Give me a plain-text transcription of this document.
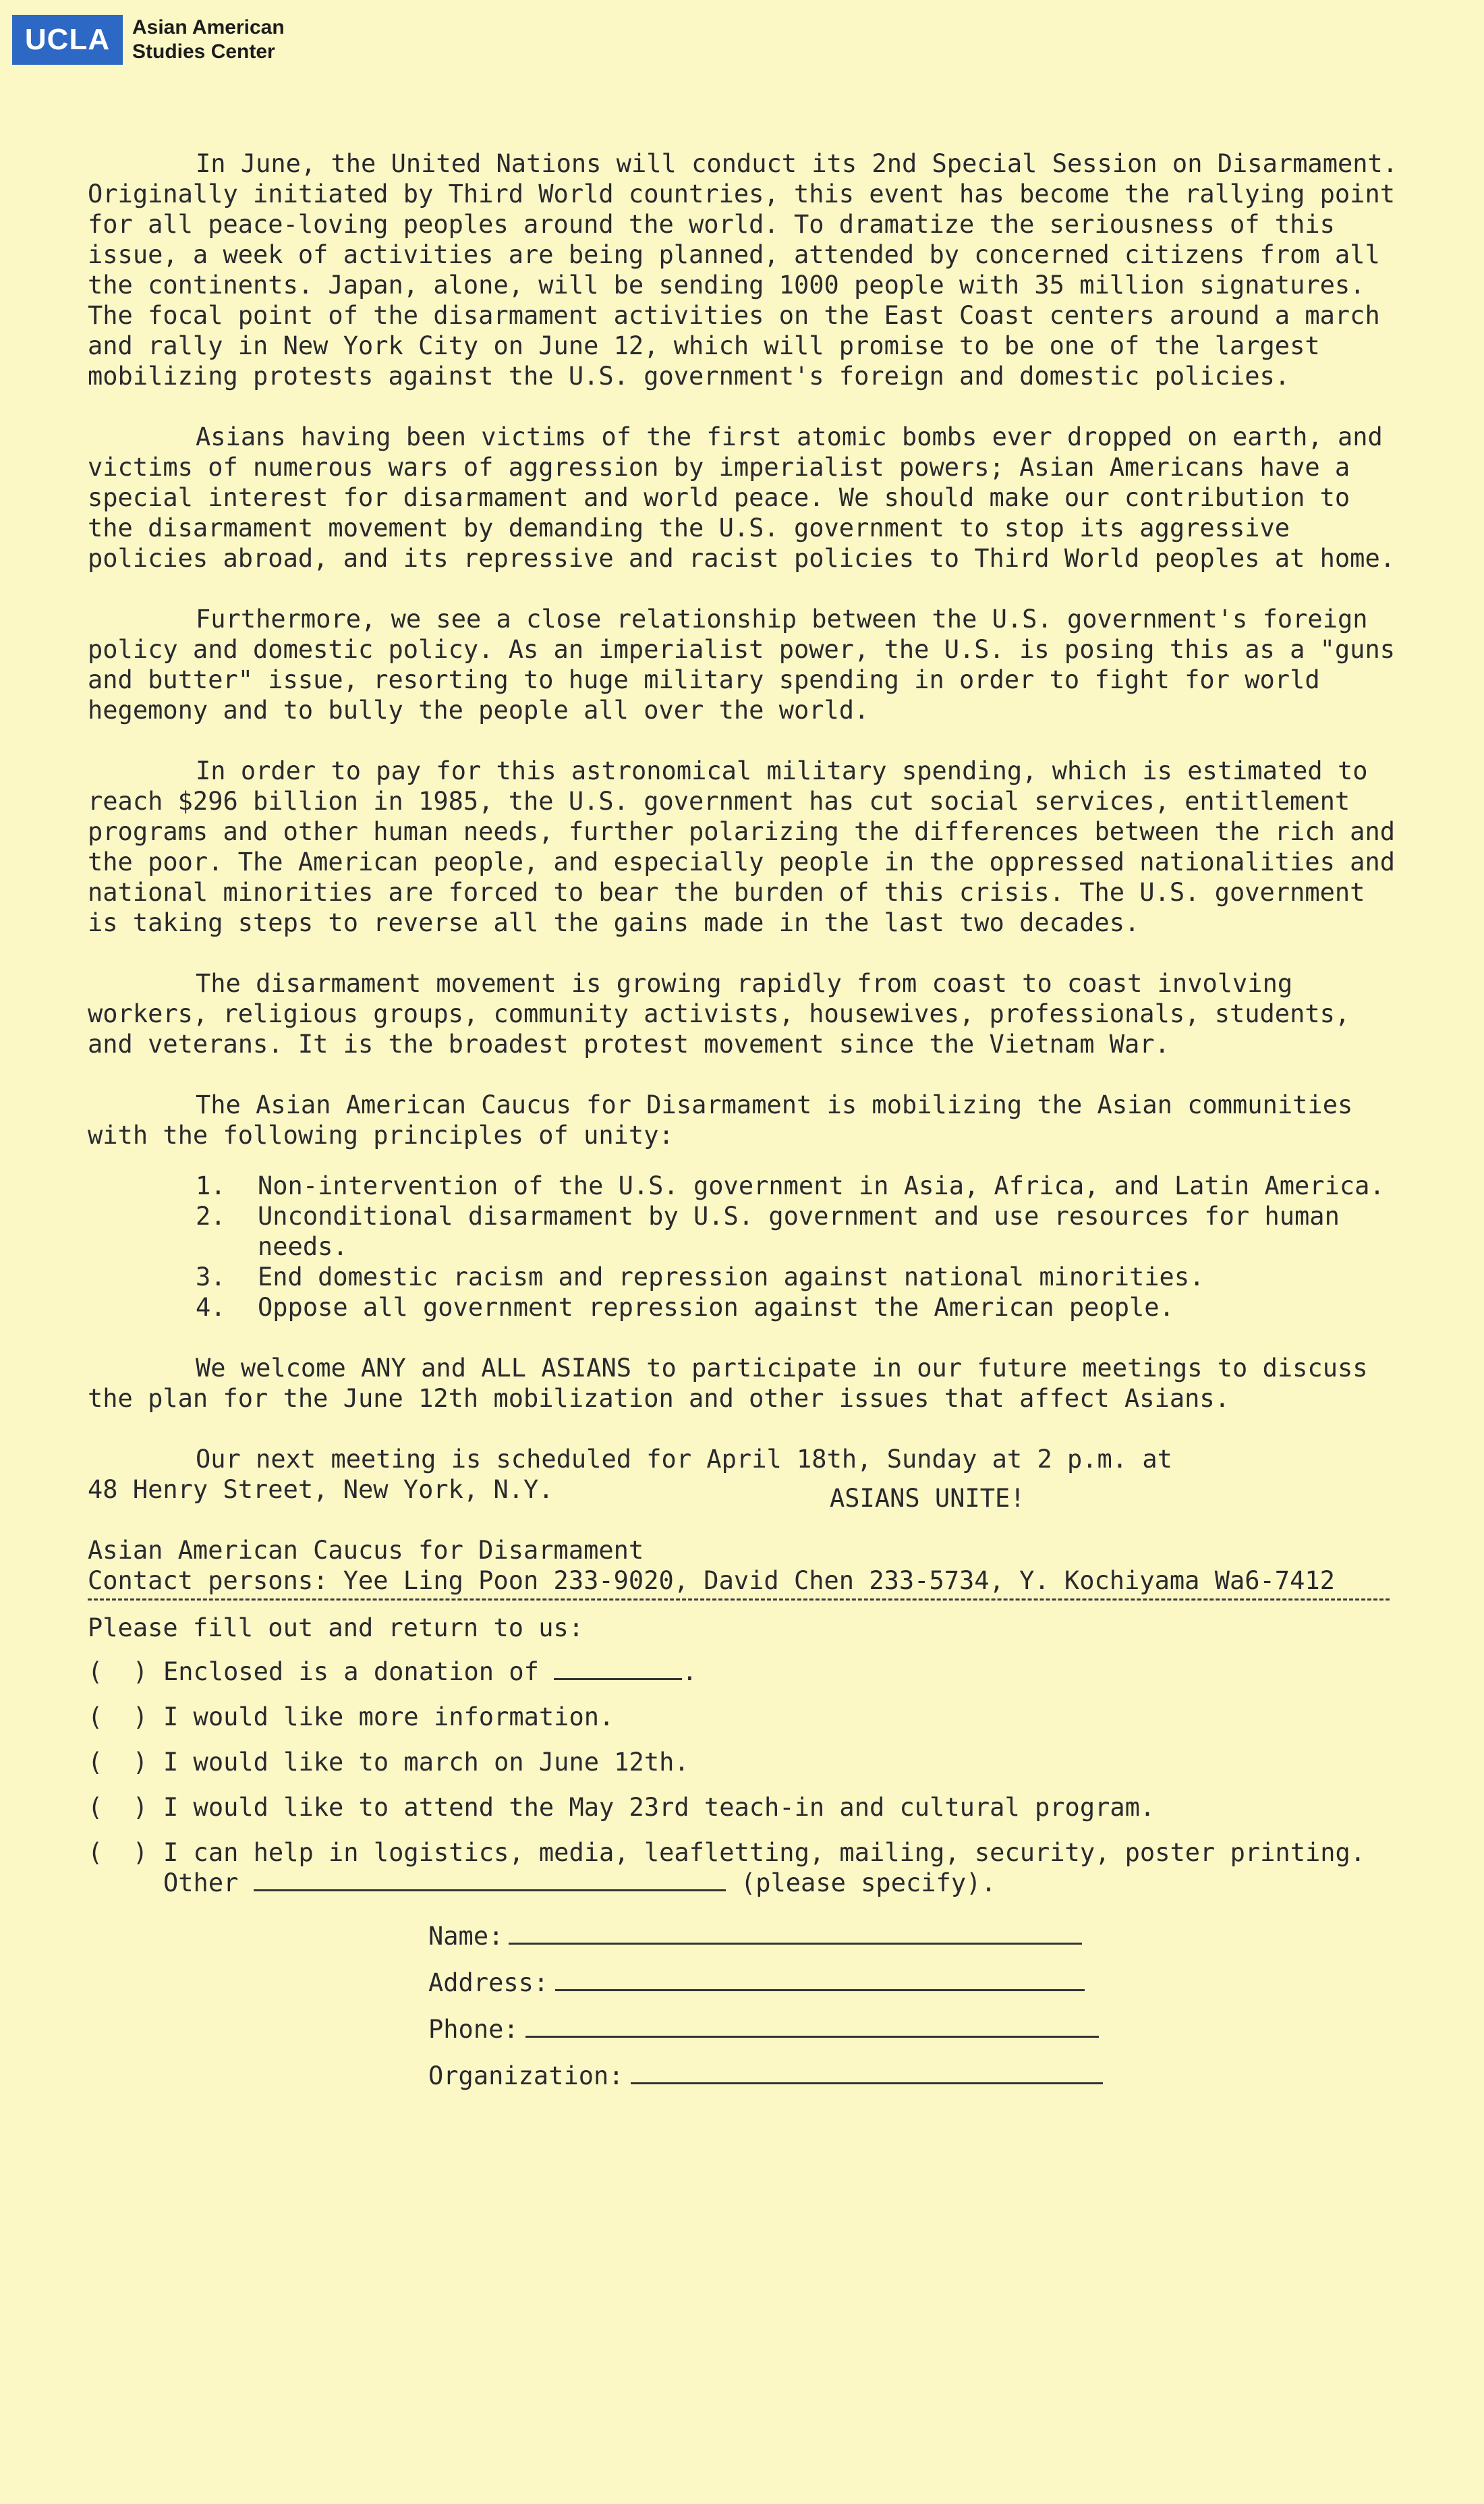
UCLA	Asian American
Studies Center

In June, the United Nations will conduct its 2nd Special Session on Disarmament. Originally initiated by Third World countries, this event has become the rallying point for all peace-loving peoples around the world. To dramatize the seriousness of this issue, a week of activities are being planned, attended by concerned citizens from all the continents. Japan, alone, will be sending 1000 people with 35 million signatures. The focal point of the disarmament activities on the East Coast centers around a march and rally in New York City on June 12, which will promise to be one of the largest mobilizing protests against the U.S. government's foreign and domestic policies.

Asians having been victims of the first atomic bombs ever dropped on earth, and victims of numerous wars of aggression by imperialist powers; Asian Americans have a special interest for disarmament and world peace. We should make our contribution to the disarmament movement by demanding the U.S. government to stop its aggressive policies abroad, and its repressive and racist policies to Third World peoples at home.

Furthermore, we see a close relationship between the U.S. government's foreign policy and domestic policy. As an imperialist power, the U.S. is posing this as a "guns and butter" issue, resorting to huge military spending in order to fight for world hegemony and to bully the people all over the world.

In order to pay for this astronomical military spending, which is estimated to reach $296 billion in 1985, the U.S. government has cut social services, entitlement programs and other human needs, further polarizing the differences between the rich and the poor. The American people, and especially people in the oppressed nationalities and national minorities are forced to bear the burden of this crisis. The U.S. government is taking steps to reverse all the gains made in the last two decades.

The disarmament movement is growing rapidly from coast to coast involving workers, religious groups, community activists, housewives, professionals, students, and veterans. It is the broadest protest movement since the Vietnam War.

The Asian American Caucus for Disarmament is mobilizing the Asian communities with the following principles of unity:

1.	Non-intervention of the U.S. government in Asia, Africa, and Latin America.
2.	Unconditional disarmament by U.S. government and use resources for human needs.
3.	End domestic racism and repression against national minorities.
4.	Oppose all government repression against the American people.

We welcome ANY and ALL ASIANS to participate in our future meetings to discuss the plan for the June 12th mobilization and other issues that affect Asians.

Our next meeting is scheduled for April 18th, Sunday at 2 p.m. at
48 Henry Street, New York, N.Y.	ASIANS UNITE!
Asian American Caucus for Disarmament
Contact persons: Yee Ling Poon 233-9020, David Chen 233-5734, Y. Kochiyama Wa6-7412
Please fill out and return to us:
(  ) Enclosed is a donation of	.
(  ) I would like more information.
(  ) I would like to march on June 12th.
(  ) I would like to attend the May 23rd teach-in and cultural program.
(  ) I can help in logistics, media, leafletting, mailing, security, poster printing. Other	(please specify).
Name:
Address:
Phone:
Organization:
